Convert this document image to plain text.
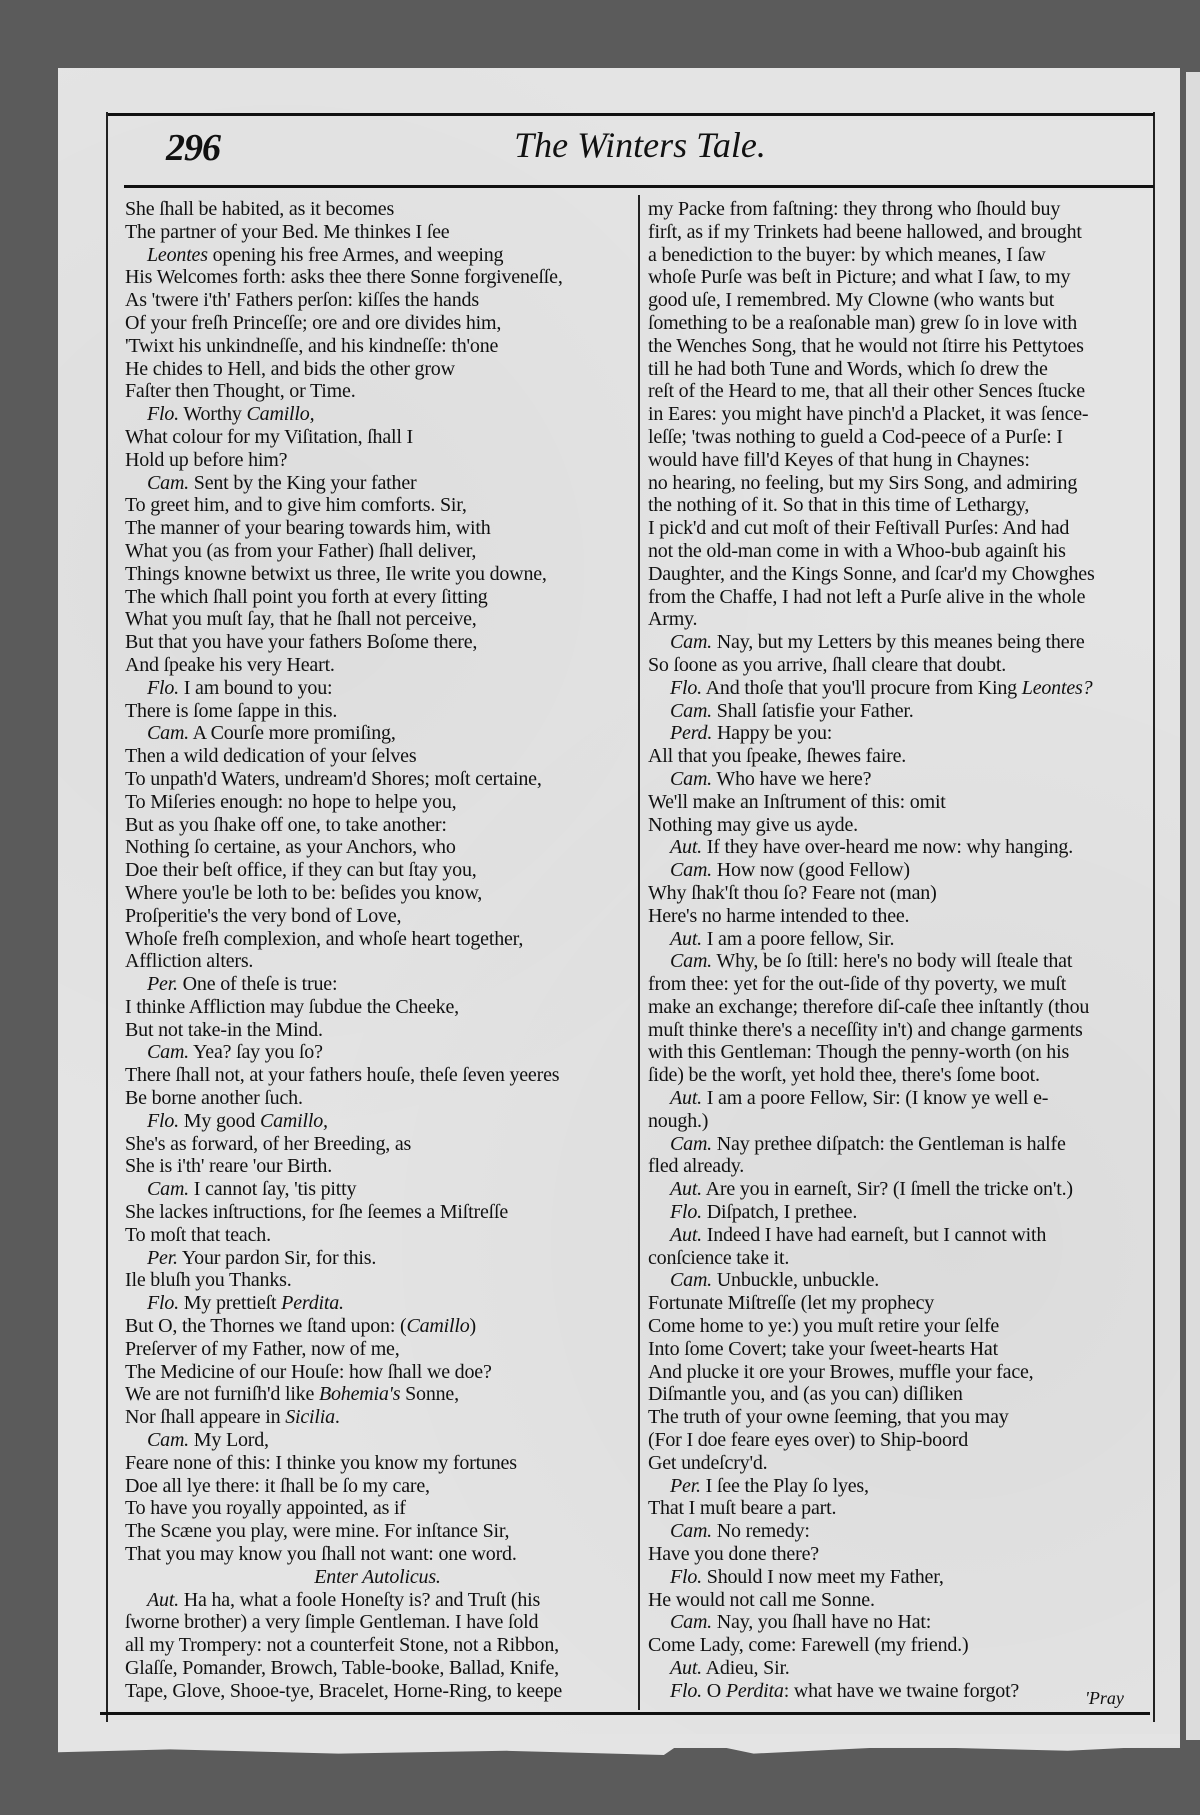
296	The Winters Tale.
She ſhall be habited, as it becomes
The partner of your Bed. Me thinkes I ſee
Leontes opening his free Armes, and weeping
His Welcomes forth: asks thee there Sonne forgiveneſſe,
As 'twere i'th' Fathers perſon: kiſſes the hands
Of your freſh Princeſſe; ore and ore divides him,
'Twixt his unkindneſſe, and his kindneſſe: th'one
He chides to Hell, and bids the other grow
Faſter then Thought, or Time.
Flo. Worthy Camillo,
What colour for my Viſitation, ſhall I
Hold up before him?
Cam. Sent by the King your father
To greet him, and to give him comforts. Sir,
The manner of your bearing towards him, with
What you (as from your Father) ſhall deliver,
Things knowne betwixt us three, Ile write you downe,
The which ſhall point you forth at every ſitting
What you muſt ſay, that he ſhall not perceive,
But that you have your fathers Boſome there,
And ſpeake his very Heart.
Flo. I am bound to you:
There is ſome ſappe in this.
Cam. A Courſe more promiſing,
Then a wild dedication of your ſelves
To unpath'd Waters, undream'd Shores; moſt certaine,
To Miſeries enough: no hope to helpe you,
But as you ſhake off one, to take another:
Nothing ſo certaine, as your Anchors, who
Doe their beſt office, if they can but ſtay you,
Where you'le be loth to be: beſides you know,
Proſperitie's the very bond of Love,
Whoſe freſh complexion, and whoſe heart together,
Affliction alters.
Per. One of theſe is true:
I thinke Affliction may ſubdue the Cheeke,
But not take-in the Mind.
Cam. Yea? ſay you ſo?
There ſhall not, at your fathers houſe, theſe ſeven yeeres
Be borne another ſuch.
Flo. My good Camillo,
She's as forward, of her Breeding, as
She is i'th' reare 'our Birth.
Cam. I cannot ſay, 'tis pitty
She lackes inſtructions, for ſhe ſeemes a Miſtreſſe
To moſt that teach.
Per. Your pardon Sir, for this.
Ile bluſh you Thanks.
Flo. My prettieſt Perdita.
But O, the Thornes we ſtand upon: (Camillo)
Preſerver of my Father, now of me,
The Medicine of our Houſe: how ſhall we doe?
We are not furniſh'd like Bohemia's Sonne,
Nor ſhall appeare in Sicilia.
Cam. My Lord,
Feare none of this: I thinke you know my fortunes
Doe all lye there: it ſhall be ſo my care,
To have you royally appointed, as if
The Scæne you play, were mine. For inſtance Sir,
That you may know you ſhall not want: one word.
Enter Autolicus.
Aut. Ha ha, what a foole Honeſty is? and Truſt (his
ſworne brother) a very ſimple Gentleman. I have ſold
all my Trompery: not a counterfeit Stone, not a Ribbon,
Glaſſe, Pomander, Browch, Table-booke, Ballad, Knife,
Tape, Glove, Shooe-tye, Bracelet, Horne-Ring, to keepe
my Packe from faſtning: they throng who ſhould buy
firſt, as if my Trinkets had beene hallowed, and brought
a benediction to the buyer: by which meanes, I ſaw
whoſe Purſe was beſt in Picture; and what I ſaw, to my
good uſe, I remembred. My Clowne (who wants but
ſomething to be a reaſonable man) grew ſo in love with
the Wenches Song, that he would not ſtirre his Pettytoes
till he had both Tune and Words, which ſo drew the
reſt of the Heard to me, that all their other Sences ſtucke
in Eares: you might have pinch'd a Placket, it was ſence-
leſſe; 'twas nothing to gueld a Cod-peece of a Purſe: I
would have fill'd Keyes of that hung in Chaynes:
no hearing, no feeling, but my Sirs Song, and admiring
the nothing of it. So that in this time of Lethargy,
I pick'd and cut moſt of their Feſtivall Purſes: And had
not the old-man come in with a Whoo-bub againſt his
Daughter, and the Kings Sonne, and ſcar'd my Chowghes
from the Chaffe, I had not left a Purſe alive in the whole
Army.
Cam. Nay, but my Letters by this meanes being there
So ſoone as you arrive, ſhall cleare that doubt.
Flo. And thoſe that you'll procure from King Leontes?
Cam. Shall ſatisfie your Father.
Perd. Happy be you:
All that you ſpeake, ſhewes faire.
Cam. Who have we here?
We'll make an Inſtrument of this: omit
Nothing may give us ayde.
Aut. If they have over-heard me now: why hanging.
Cam. How now (good Fellow)
Why ſhak'ſt thou ſo? Feare not (man)
Here's no harme intended to thee.
Aut. I am a poore fellow, Sir.
Cam. Why, be ſo ſtill: here's no body will ſteale that
from thee: yet for the out-ſide of thy poverty, we muſt
make an exchange; therefore diſ-caſe thee inſtantly (thou
muſt thinke there's a neceſſity in't) and change garments
with this Gentleman: Though the penny-worth (on his
ſide) be the worſt, yet hold thee, there's ſome boot.
Aut. I am a poore Fellow, Sir: (I know ye well e-
nough.)
Cam. Nay prethee diſpatch: the Gentleman is halfe
fled already.
Aut. Are you in earneſt, Sir? (I ſmell the tricke on't.)
Flo. Diſpatch, I prethee.
Aut. Indeed I have had earneſt, but I cannot with
conſcience take it.
Cam. Unbuckle, unbuckle.
Fortunate Miſtreſſe (let my prophecy
Come home to ye:) you muſt retire your ſelfe
Into ſome Covert; take your ſweet-hearts Hat
And plucke it ore your Browes, muffle your face,
Diſmantle you, and (as you can) diſliken
The truth of your owne ſeeming, that you may
(For I doe feare eyes over) to Ship-boord
Get undeſcry'd.
Per. I ſee the Play ſo lyes,
That I muſt beare a part.
Cam. No remedy:
Have you done there?
Flo. Should I now meet my Father,
He would not call me Sonne.
Cam. Nay, you ſhall have no Hat:
Come Lady, come: Farewell (my friend.)
Aut. Adieu, Sir.
Flo. O Perdita: what have we twaine forgot?	'Pray
